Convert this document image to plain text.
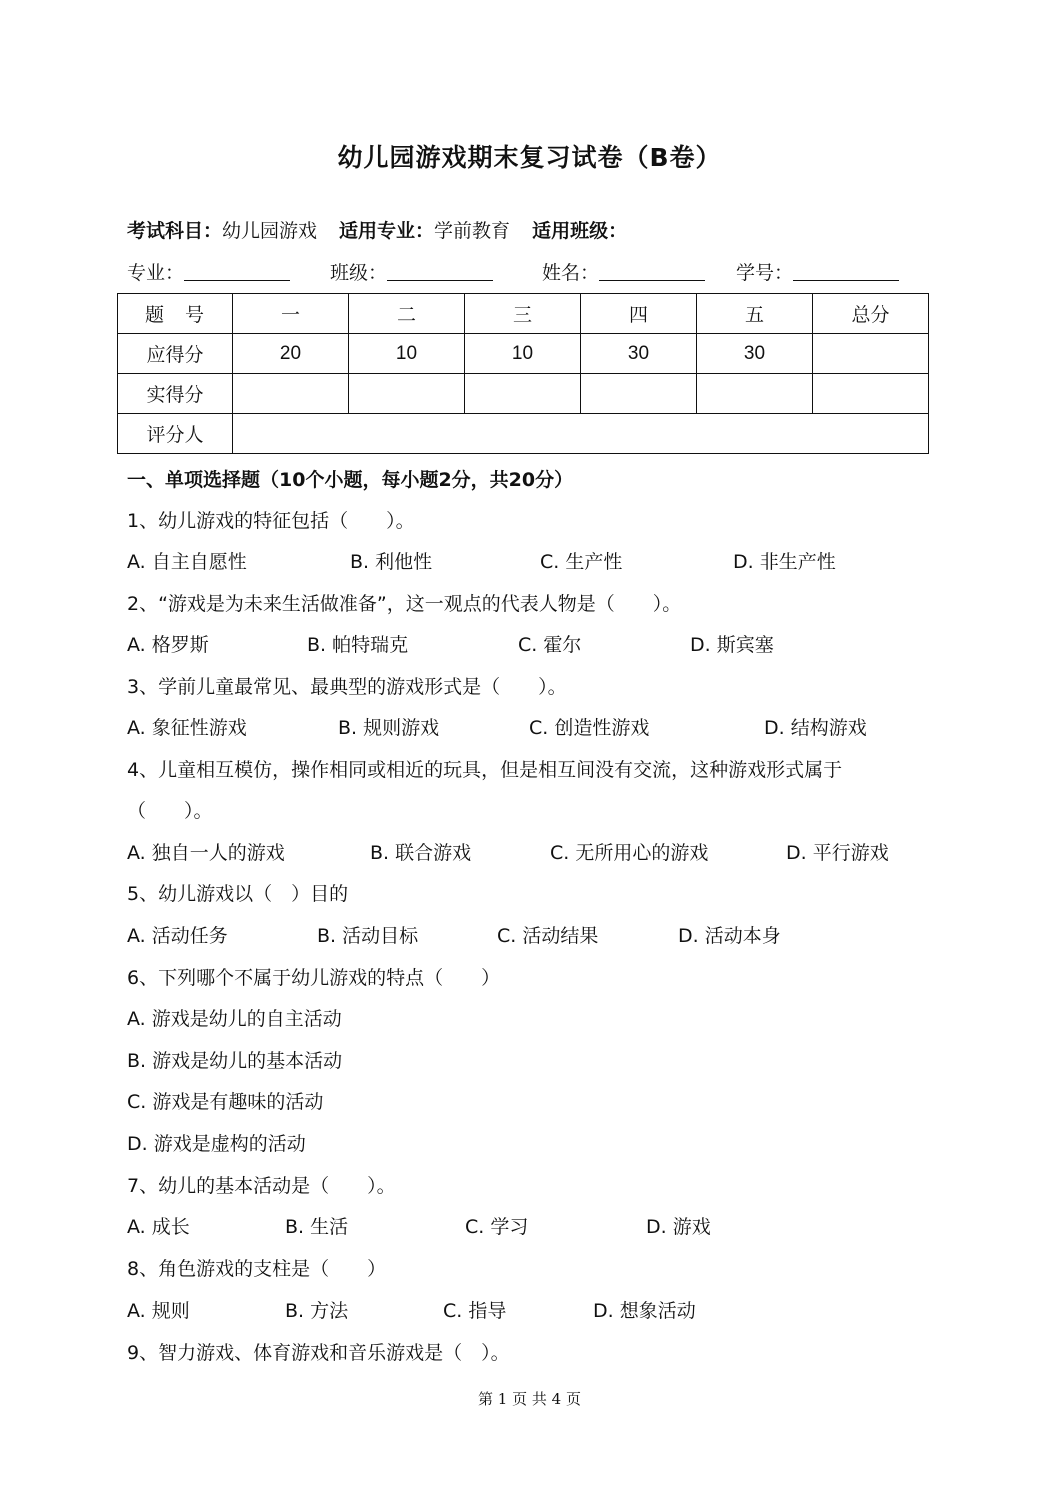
幼儿园游戏期末复习试卷（B卷）
考试科目：幼儿园游戏 适用专业：学前教育 适用班级：
专业：	班级：	姓名：	学号：
题　号	一	二	三	四	五	总分
应得分	20	10	10	30	30	
实得分						
评分人						
一、单项选择题（10个小题，每小题2分，共20分）
1、幼儿游戏的特征包括（　　）。
A. 自主自愿性	B. 利他性	C. 生产性	D. 非生产性
2、“游戏是为未来生活做准备”，这一观点的代表人物是（　　）。
A. 格罗斯	B. 帕特瑞克	C. 霍尔	D. 斯宾塞
3、学前儿童最常见、最典型的游戏形式是（　　）。
A. 象征性游戏	B. 规则游戏	C. 创造性游戏	D. 结构游戏
4、儿童相互模仿，操作相同或相近的玩具，但是相互间没有交流，这种游戏形式属于
（　　）。
A. 独自一人的游戏	B. 联合游戏	C. 无所用心的游戏	D. 平行游戏
5、幼儿游戏以（　）目的
A. 活动任务	B. 活动目标	C. 活动结果	D. 活动本身
6、下列哪个不属于幼儿游戏的特点（　　）
A. 游戏是幼儿的自主活动
B. 游戏是幼儿的基本活动
C. 游戏是有趣味的活动
D. 游戏是虚构的活动
7、幼儿的基本活动是（　　）。
A. 成长	B. 生活	C. 学习	D. 游戏
8、角色游戏的支柱是（　　）
A. 规则	B. 方法	C. 指导	D. 想象活动
9、智力游戏、体育游戏和音乐游戏是（　）。
第 1 页 共 4 页
